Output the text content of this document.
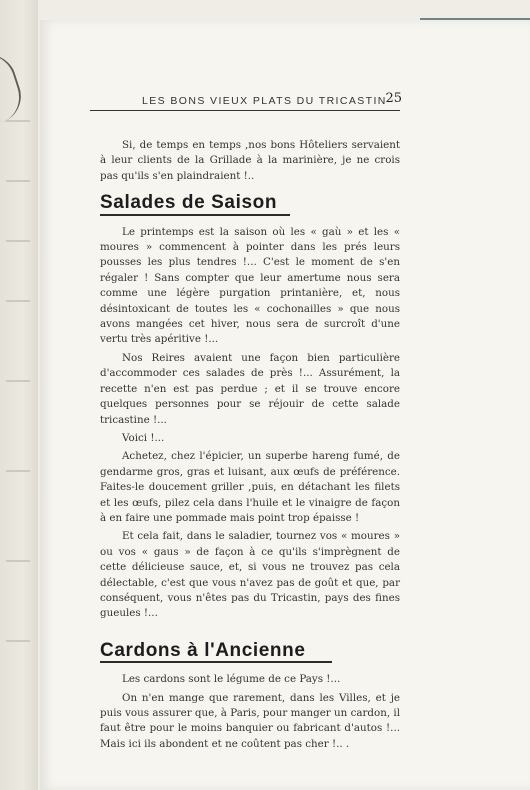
LES BONS VIEUX PLATS DU TRICASTIN
25

Si, de temps en temps ,nos bons Hôteliers servaient à leur clients de la Grillade à la marinière, je ne crois pas qu'ils s'en plaindraient !..

Salades de Saison

Le printemps est la saison où les « gaù » et les « moures » commencent à pointer dans les prés leurs pousses les plus tendres !... C'est le moment de s'en régaler ! Sans compter que leur amertume nous sera comme une légère purgation printanière, et, nous désintoxicant de toutes les « cochonailles » que nous avons mangées cet hiver, nous sera de surcroît d'une vertu très apéritive !...

Nos Reires avaient une façon bien particulière d'accommoder ces salades de près !... Assurément, la recette n'en est pas perdue ; et il se trouve encore quelques personnes pour se réjouir de cette salade tricastine !...

Voici !...

Achetez, chez l'épicier, un superbe hareng fumé, de gendarme gros, gras et luisant, aux œufs de préférence. Faites-le doucement griller ,puis, en détachant les filets et les œufs, pilez cela dans l'huile et le vinaigre de façon à en faire une pommade mais point trop épaisse !

Et cela fait, dans le saladier, tournez vos « moures » ou vos « gaus » de façon à ce qu'ils s'imprègnent de cette délicieuse sauce, et, si vous ne trouvez pas cela délectable, c'est que vous n'avez pas de goût et que, par conséquent, vous n'êtes pas du Tricastin, pays des fines gueules !...

Cardons à l'Ancienne

Les cardons sont le légume de ce Pays !...

On n'en mange que rarement, dans les Villes, et je puis vous assurer que, à Paris, pour manger un cardon, il faut être pour le moins banquier ou fabricant d'autos !... Mais ici ils abondent et ne coûtent pas cher !.. .
